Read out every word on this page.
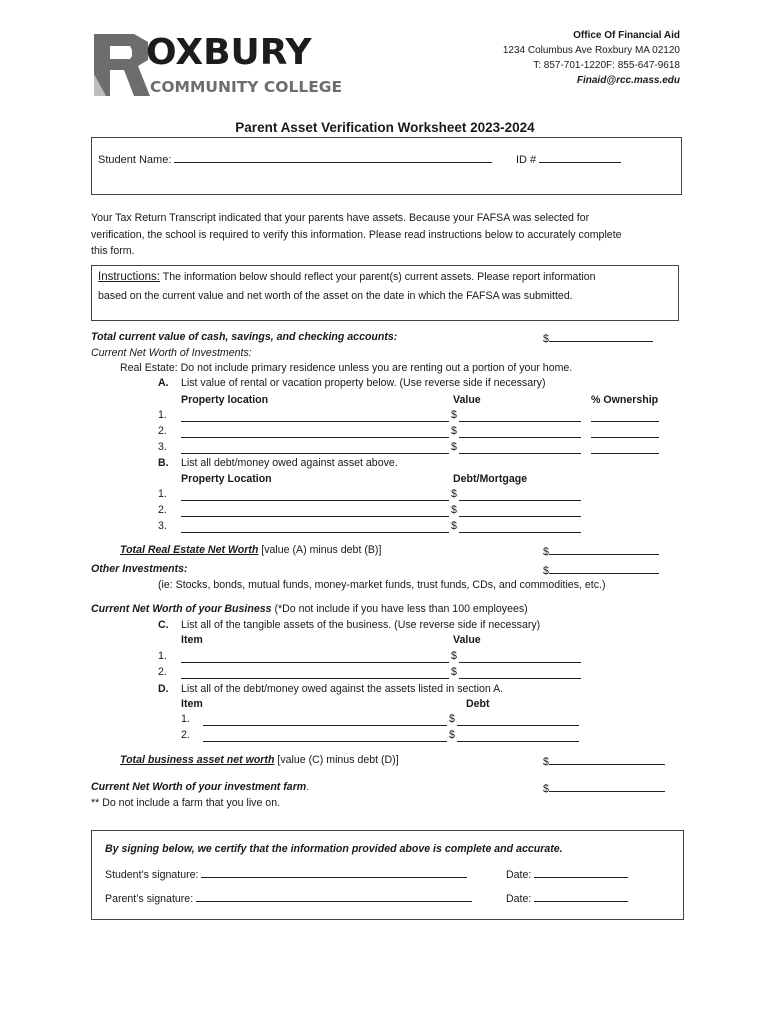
OXBURY
COMMUNITY COLLEGE
Office Of Financial Aid
1234 Columbus Ave Roxbury MA 02120
T: 857-701-1220F: 855-647-9618
Finaid@rcc.mass.edu
Parent Asset Verification Worksheet 2023-2024
Student Name:	ID #
Your Tax Return Transcript indicated that your parents have assets. Because your FAFSA was selected for
verification, the school is required to verify this information. Please read instructions below to accurately complete
this form.
Instructions: The information below should reflect your parent(s) current assets. Please report information
based on the current value and net worth of the asset on the date in which the FAFSA was submitted.
Total current value of cash, savings, and checking accounts:	$
Current Net Worth of Investments:
Real Estate: Do not include primary residence unless you are renting out a portion of your home.
A. List value of rental or vacation property below. (Use reverse side if necessary)
Property location	Value	% Ownership
1.	$
2.	$
3.	$
B. List all debt/money owed against asset above.
Property Location	Debt/Mortgage
1.	$
2.	$
3.	$
Total Real Estate Net Worth [value (A) minus debt (B)]	$
Other Investments:	$
(ie: Stocks, bonds, mutual funds, money-market funds, trust funds, CDs, and commodities, etc.)
Current Net Worth of your Business (*Do not include if you have less than 100 employees)
C. List all of the tangible assets of the business. (Use reverse side if necessary)
Item	Value
1.	$
2.	$
D. List all of the debt/money owed against the assets listed in section A.
Item	Debt
1.	$
2.	$
Total business asset net worth [value (C) minus debt (D)]	$
Current Net Worth of your investment farm.	$
** Do not include a farm that you live on.
By signing below, we certify that the information provided above is complete and accurate.
Student’s signature:	Date:
Parent’s signature:	Date:
